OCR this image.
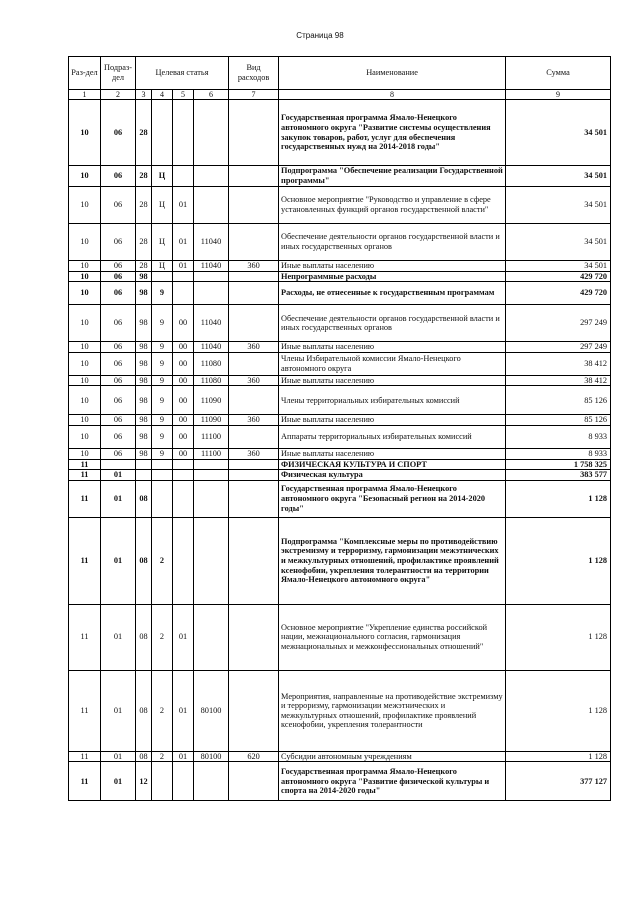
Страница 98
Раз-дел	Подраз-дел	Целевая статья				Вид расходов	Наименование	Сумма
1	2	3	4	5	6	7	8	9
10	06	28					Государственная программа Ямало-Ненецкого автономного округа "Развитие системы осуществления закупок товаров, работ, услуг для обеспечения государственных нужд на 2014-2018 годы"	34 501
10	06	28	Ц				Подпрограмма "Обеспечение реализации Государственной программы"	34 501
10	06	28	Ц	01			Основное мероприятие "Руководство и управление в сфере установленных функций органов государственной власти"	34 501
10	06	28	Ц	01	11040		Обеспечение деятельности органов государственной власти и иных государственных органов	34 501
10	06	28	Ц	01	11040	360	Иные выплаты населению	34 501
10	06	98					Непрограммные расходы	429 720
10	06	98	9				Расходы, не отнесенные к государственным программам	429 720
10	06	98	9	00	11040		Обеспечение деятельности органов государственной власти и иных государственных органов	297 249
10	06	98	9	00	11040	360	Иные выплаты населению	297 249
10	06	98	9	00	11080		Члены Избирательной комиссии Ямало-Ненецкого автономного округа	38 412
10	06	98	9	00	11080	360	Иные выплаты населению	38 412
10	06	98	9	00	11090		Члены территориальных избирательных комиссий	85 126
10	06	98	9	00	11090	360	Иные выплаты населению	85 126
10	06	98	9	00	11100		Аппараты территориальных избирательных комиссий	8 933
10	06	98	9	00	11100	360	Иные выплаты населению	8 933
11							ФИЗИЧЕСКАЯ КУЛЬТУРА И СПОРТ	1 758 325
11	01						Физическая культура	383 577
11	01	08					Государственная программа Ямало-Ненецкого автономного округа "Безопасный регион на 2014-2020 годы"	1 128
11	01	08	2				Подпрограмма "Комплексные меры по противодействию экстремизму и терроризму, гармонизации межэтнических и межкультурных отношений, профилактике проявлений ксенофобии, укрепления толерантности на территории Ямало-Ненецкого автономного округа"	1 128
11	01	08	2	01			Основное мероприятие "Укрепление единства российской нации, межнационального согласия, гармонизация межнациональных и межконфессиональных отношений"	1 128
11	01	08	2	01	80100		Мероприятия, направленные на противодействие экстремизму и терроризму, гармонизации межэтнических и межкультурных отношений, профилактике проявлений ксенофобии, укрепления толерантности	1 128
11	01	08	2	01	80100	620	Субсидии автономным учреждениям	1 128
11	01	12					Государственная программа Ямало-Ненецкого автономного округа "Развитие физической культуры и спорта на 2014-2020 годы"	377 127
